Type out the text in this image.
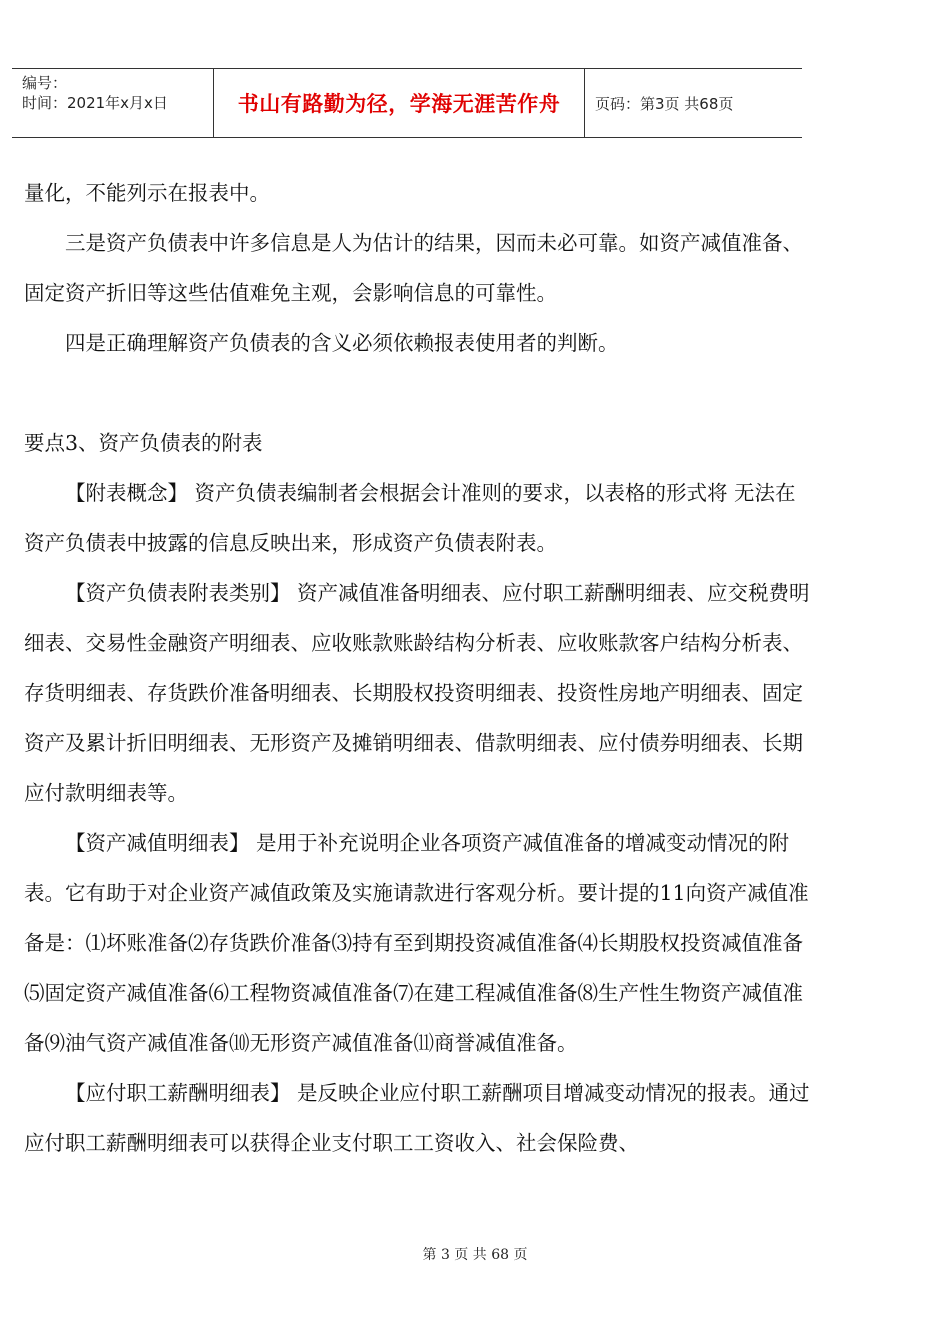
编号：
时间：2021年x月x日	书山有路勤为径，学海无涯苦作舟	页码：第3页 共68页

量化，不能列示在报表中。

三是资产负债表中许多信息是人为估计的结果，因而未必可靠。如资产减值准备、固定资产折旧等这些估值难免主观，会影响信息的可靠性。

四是正确理解资产负债表的含义必须依赖报表使用者的判断。

要点3、资产负债表的附表

【附表概念】 资产负债表编制者会根据会计准则的要求，以表格的形式将 无法在资产负债表中披露的信息反映出来，形成资产负债表附表。

【资产负债表附表类别】 资产减值准备明细表、应付职工薪酬明细表、应交税费明细表、交易性金融资产明细表、应收账款账龄结构分析表、应收账款客户结构分析表、存货明细表、存货跌价准备明细表、长期股权投资明细表、投资性房地产明细表、固定资产及累计折旧明细表、无形资产及摊销明细表、借款明细表、应付债券明细表、长期应付款明细表等。

【资产减值明细表】 是用于补充说明企业各项资产减值准备的增减变动情况的附表。它有助于对企业资产减值政策及实施请款进行客观分析。要计提的11向资产减值准备是：⑴坏账准备⑵存货跌价准备⑶持有至到期投资减值准备⑷长期股权投资减值准备⑸固定资产减值准备⑹工程物资减值准备⑺在建工程减值准备⑻生产性生物资产减值准备⑼油气资产减值准备⑽无形资产减值准备⑾商誉减值准备。

【应付职工薪酬明细表】 是反映企业应付职工薪酬项目增减变动情况的报表。通过应付职工薪酬明细表可以获得企业支付职工工资收入、社会保险费、

第 3 页 共 68 页
